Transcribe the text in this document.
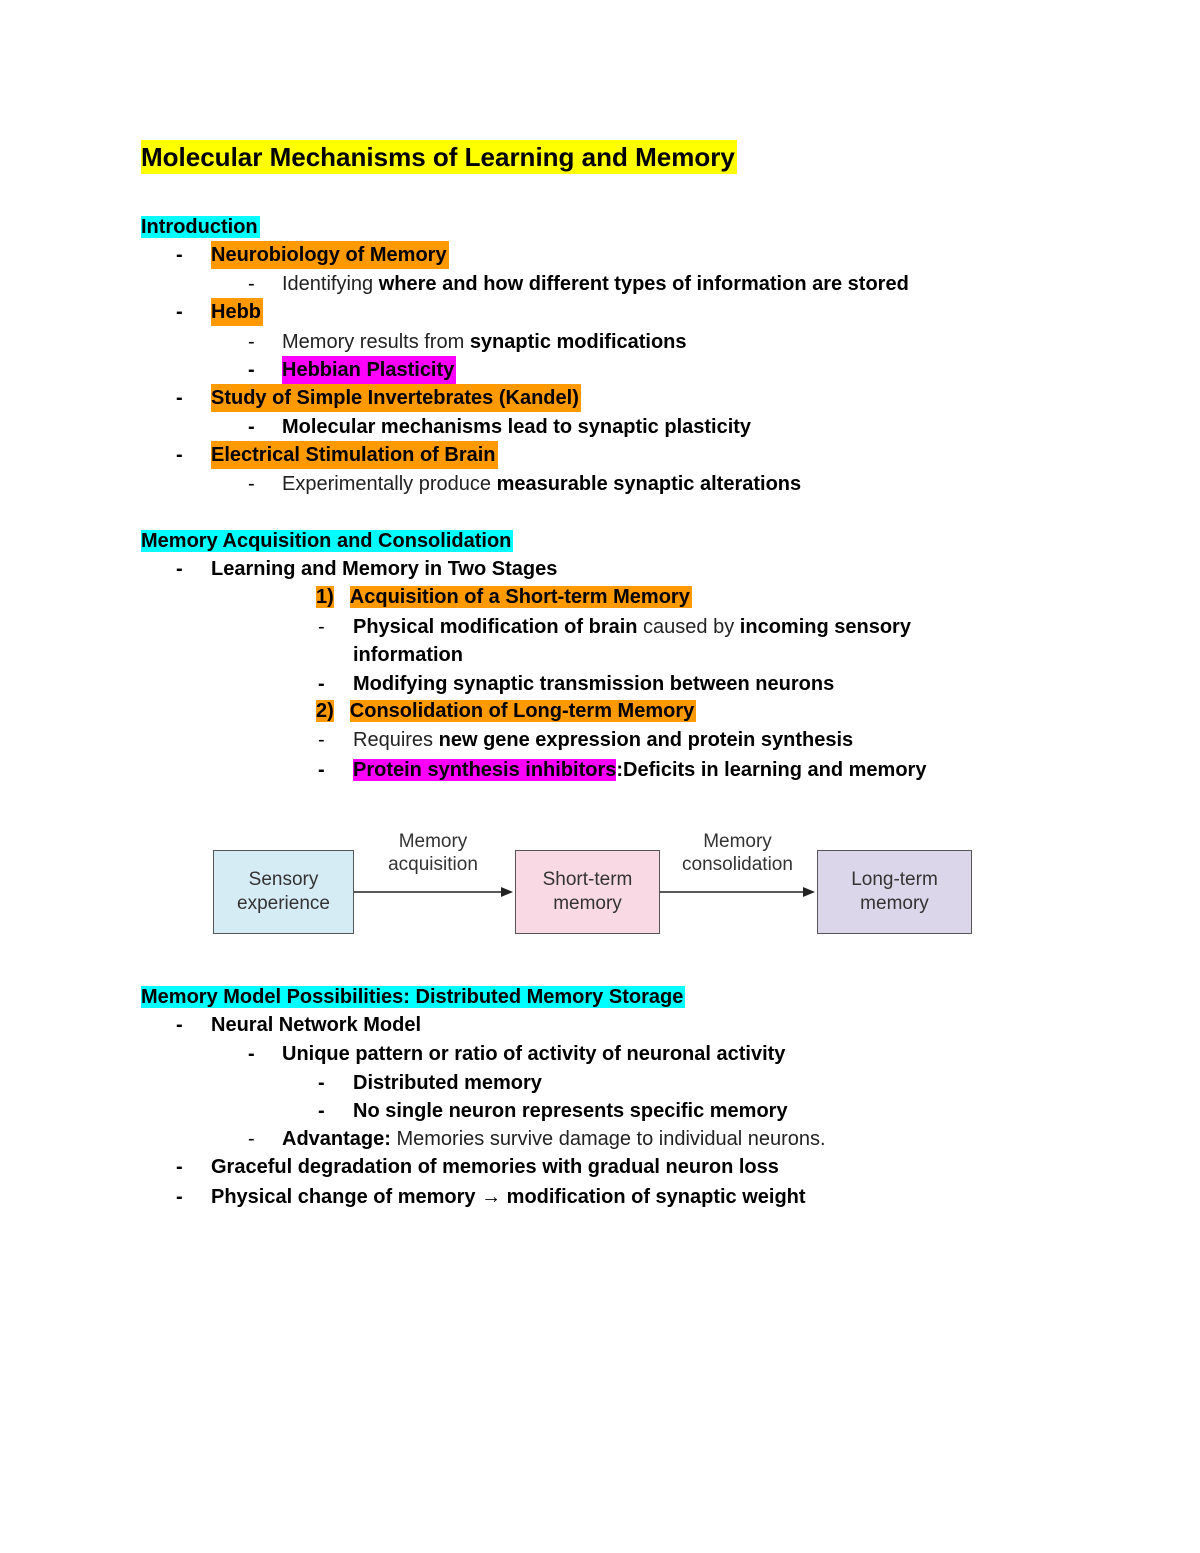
Molecular Mechanisms of Learning and Memory
Introduction
- Neurobiology of Memory
- Identifying where and how different types of information are stored
- Hebb
- Memory results from synaptic modifications
- Hebbian Plasticity
- Study of Simple Invertebrates (Kandel)
- Molecular mechanisms lead to synaptic plasticity
- Electrical Stimulation of Brain
- Experimentally produce measurable synaptic alterations
Memory Acquisition and Consolidation
- Learning and Memory in Two Stages
1) Acquisition of a Short-term Memory
- Physical modification of brain caused by incoming sensory
information
- Modifying synaptic transmission between neurons
2) Consolidation of Long-term Memory
- Requires new gene expression and protein synthesis
- Protein synthesis inhibitors:Deficits in learning and memory
Sensory
experience
Memory
acquisition
Short-term
memory
Memory
consolidation
Long-term
memory
Memory Model Possibilities: Distributed Memory Storage
- Neural Network Model
- Unique pattern or ratio of activity of neuronal activity
- Distributed memory
- No single neuron represents specific memory
- Advantage: Memories survive damage to individual neurons.
- Graceful degradation of memories with gradual neuron loss
- Physical change of memory → modification of synaptic weight
